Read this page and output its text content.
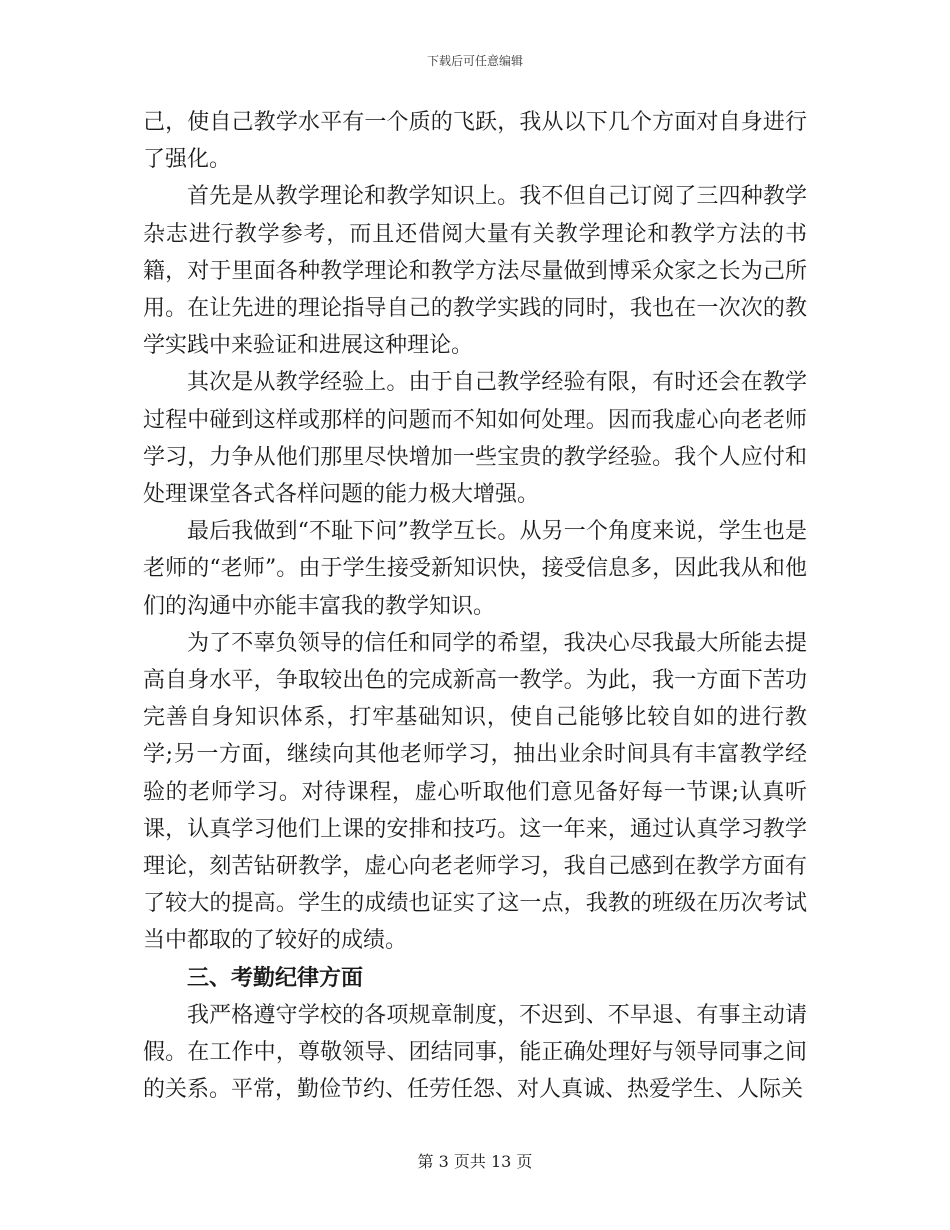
下载后可任意编辑

己，使自己教学水平有一个质的飞跃，我从以下几个方面对自身进行了强化。

首先是从教学理论和教学知识上。我不但自己订阅了三四种教学杂志进行教学参考，而且还借阅大量有关教学理论和教学方法的书籍，对于里面各种教学理论和教学方法尽量做到博采众家之长为己所用。在让先进的理论指导自己的教学实践的同时，我也在一次次的教学实践中来验证和进展这种理论。

其次是从教学经验上。由于自己教学经验有限，有时还会在教学过程中碰到这样或那样的问题而不知如何处理。因而我虚心向老老师学习，力争从他们那里尽快增加一些宝贵的教学经验。我个人应付和处理课堂各式各样问题的能力极大增强。

最后我做到“不耻下问”教学互长。从另一个角度来说，学生也是老师的“老师”。由于学生接受新知识快，接受信息多，因此我从和他们的沟通中亦能丰富我的教学知识。

为了不辜负领导的信任和同学的希望，我决心尽我最大所能去提高自身水平，争取较出色的完成新高一教学。为此，我一方面下苦功完善自身知识体系，打牢基础知识，使自己能够比较自如的进行教学;另一方面，继续向其他老师学习，抽出业余时间具有丰富教学经验的老师学习。对待课程，虚心听取他们意见备好每一节课;认真听课，认真学习他们上课的安排和技巧。这一年来，通过认真学习教学理论，刻苦钻研教学，虚心向老老师学习，我自己感到在教学方面有了较大的提高。学生的成绩也证实了这一点，我教的班级在历次考试当中都取的了较好的成绩。

三、考勤纪律方面

我严格遵守学校的各项规章制度，不迟到、不早退、有事主动请假。在工作中，尊敬领导、团结同事，能正确处理好与领导同事之间的关系。平常，勤俭节约、任劳任怨、对人真诚、热爱学生、人际关

第 3 页共 13 页
